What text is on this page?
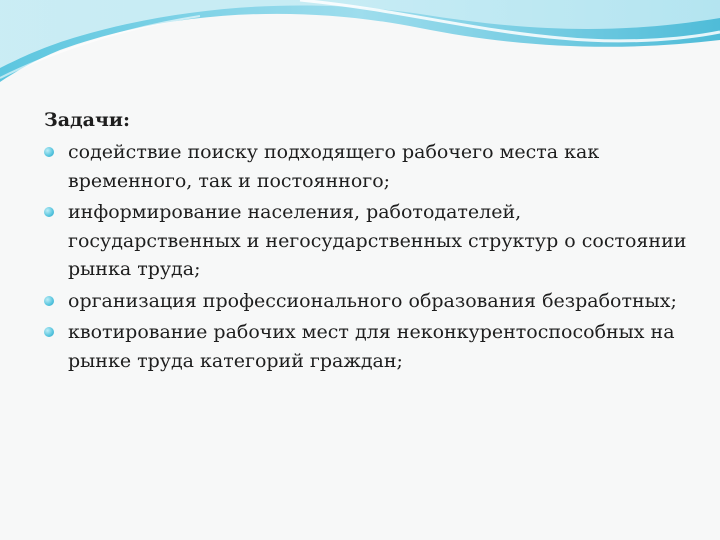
Задачи:
содействие поиску подходящего рабочего места как временного, так и постоянного;
информирование населения, работодателей, государственных и негосударственных структур о состоянии рынка труда;
организация профессионального образования безработных;
квотирование рабочих мест для неконкурентоспособных на рынке труда категорий граждан;
